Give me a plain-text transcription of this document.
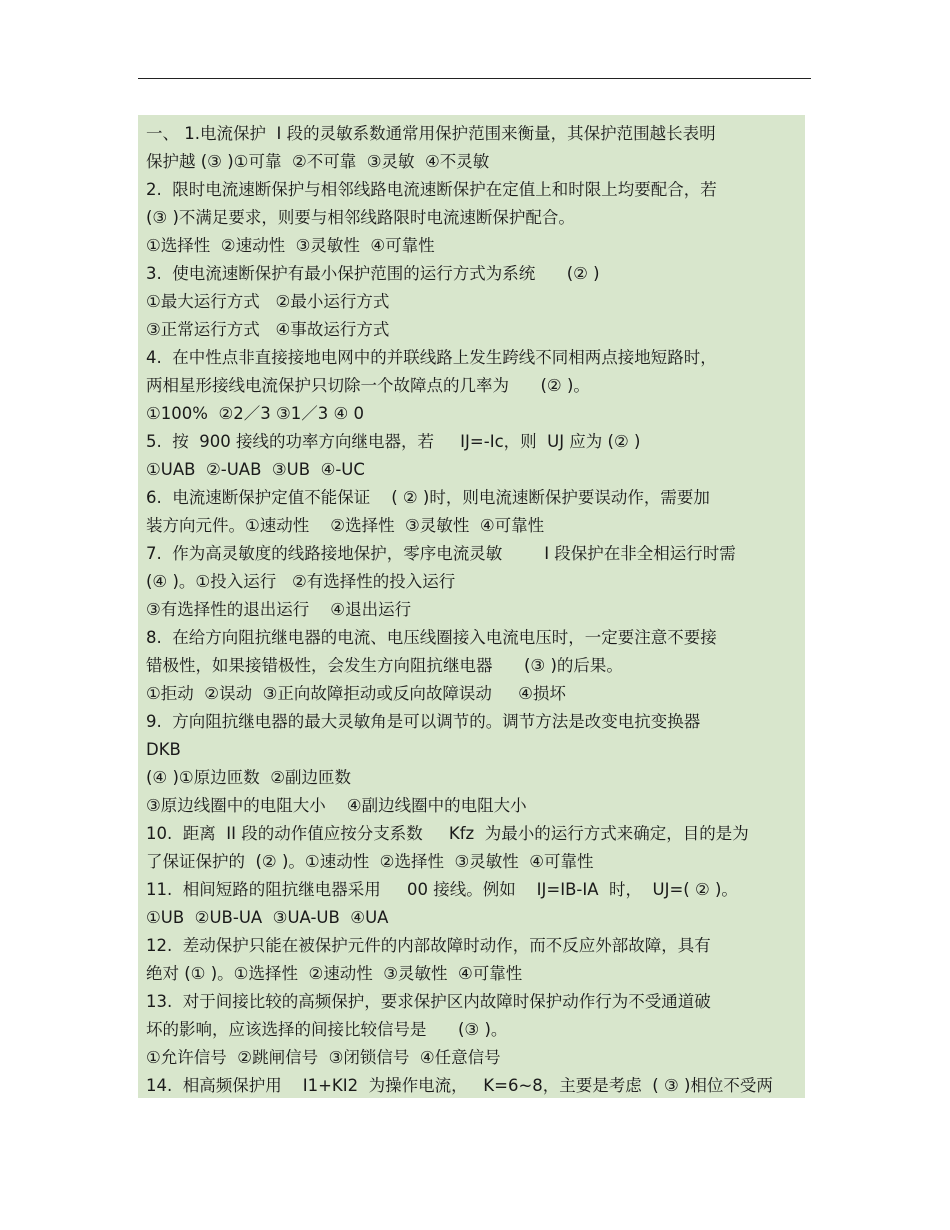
一、 1.电流保护  I 段的灵敏系数通常用保护范围来衡量，其保护范围越长表明
保护越 (③ )①可靠  ②不可靠  ③灵敏  ④不灵敏
2.  限时电流速断保护与相邻线路电流速断保护在定值上和时限上均要配合，若
(③ )不满足要求，则要与相邻线路限时电流速断保护配合。
①选择性  ②速动性  ③灵敏性  ④可靠性
3.  使电流速断保护有最小保护范围的运行方式为系统      (② )
①最大运行方式   ②最小运行方式
③正常运行方式   ④事故运行方式
4.  在中性点非直接接地电网中的并联线路上发生跨线不同相两点接地短路时，
两相星形接线电流保护只切除一个故障点的几率为      (② )。
①100%  ②2／3 ③1／3 ④ 0
5.  按  900 接线的功率方向继电器，若     IJ=-Ic，则  UJ 应为 (② )
①UAB  ②-UAB  ③UB  ④-UC
6.  电流速断保护定值不能保证    ( ② )时，则电流速断保护要误动作，需要加
装方向元件。①速动性    ②选择性  ③灵敏性  ④可靠性
7.  作为高灵敏度的线路接地保护，零序电流灵敏        I 段保护在非全相运行时需
(④ )。①投入运行   ②有选择性的投入运行
③有选择性的退出运行    ④退出运行
8.  在给方向阻抗继电器的电流、电压线圈接入电流电压时，一定要注意不要接
错极性，如果接错极性，会发生方向阻抗继电器      (③ )的后果。
①拒动  ②误动  ③正向故障拒动或反向故障误动     ④损坏
9.  方向阻抗继电器的最大灵敏角是可以调节的。调节方法是改变电抗变换器
DKB
(④ )①原边匝数  ②副边匝数
③原边线圈中的电阻大小    ④副边线圈中的电阻大小
10.  距离  II 段的动作值应按分支系数     Kfz  为最小的运行方式来确定，目的是为
了保证保护的  (② )。①速动性  ②选择性  ③灵敏性  ④可靠性
11.  相间短路的阻抗继电器采用     00 接线。例如    IJ=IB-IA  时，  UJ=( ② )。
①UB  ②UB-UA  ③UA-UB  ④UA
12.  差动保护只能在被保护元件的内部故障时动作，而不反应外部故障，具有
绝对 (① )。①选择性  ②速动性  ③灵敏性  ④可靠性
13.  对于间接比较的高频保护，要求保护区内故障时保护动作行为不受通道破
坏的影响，应该选择的间接比较信号是      (③ )。
①允许信号  ②跳闸信号  ③闭锁信号  ④任意信号
14.  相高频保护用    I1+KI2  为操作电流，   K=6~8，主要是考虑  ( ③ )相位不受两
